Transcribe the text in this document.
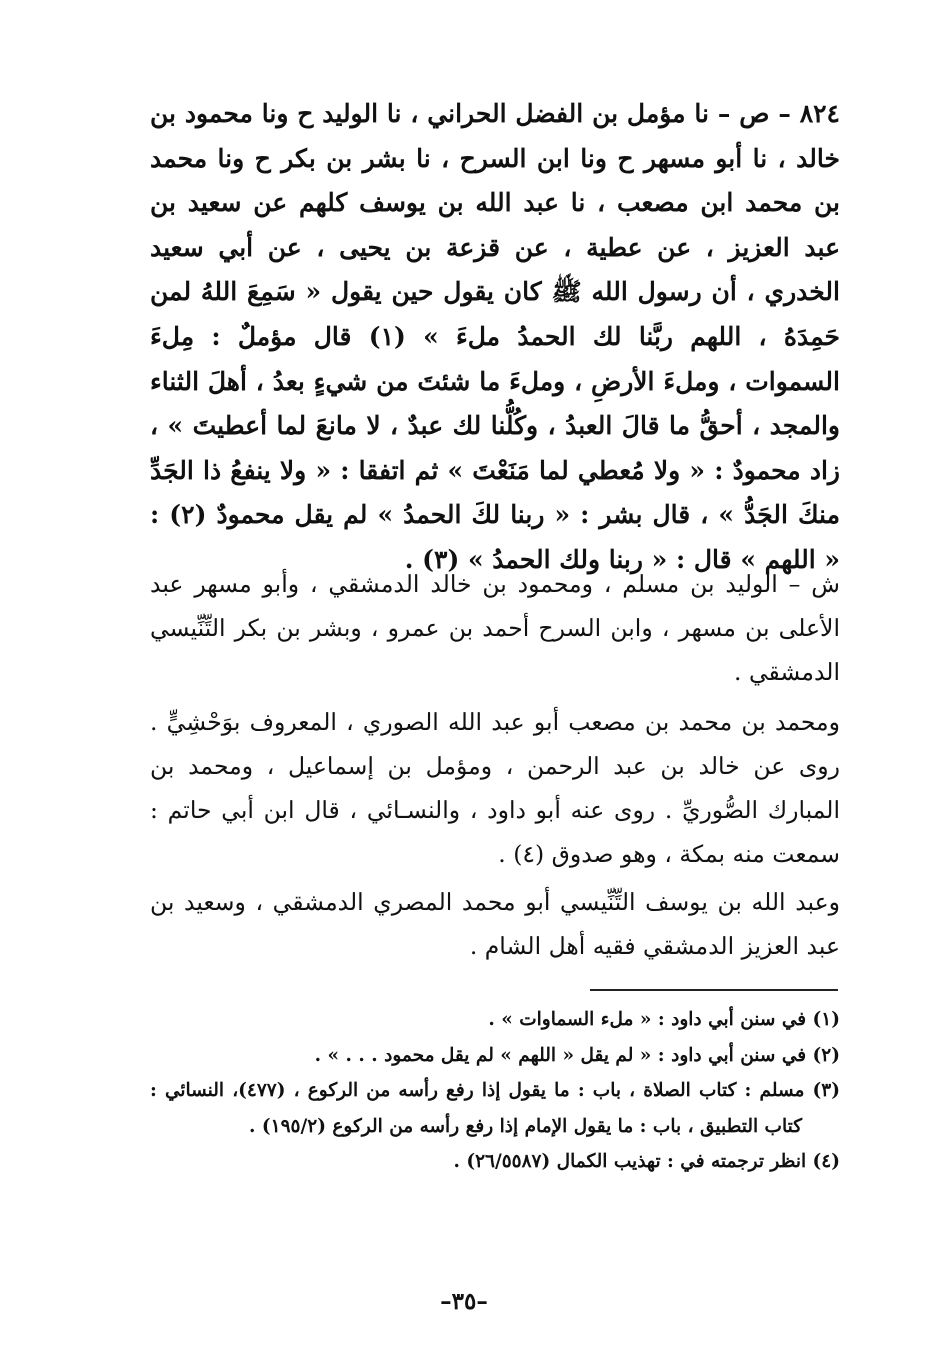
٨٢٤ – ص – نا مؤمل بن الفضل الحراني ، نا الوليد ح ونا محمود بن خالد ، نا أبو مسهر ح ونا ابن السرح ، نا بشر بن بكر ح ونا محمد بن محمد ابن مصعب ، نا عبد الله بن يوسف كلهم عن سعيد بن عبد العزيز ، عن عطية ، عن قزعة بن يحيى ، عن أبي سعيد الخدري ، أن رسول الله ﷺ كان يقول حين يقول « سَمِعَ اللهُ لمن حَمِدَهُ ، اللهم ربَّنا لك الحمدُ ملءَ » (١) قال مؤملٌ : مِلءَ السموات ، وملءَ الأرضِ ، وملءَ ما شئتَ من شيءٍ بعدُ ، أهلَ الثناء والمجد ، أحقُّ ما قالَ العبدُ ، وكُلُّنا لك عبدٌ ، لا مانعَ لما أعطيتَ » ، زاد محمودٌ : « ولا مُعطي لما مَنَعْتَ » ثم اتفقا : « ولا ينفعُ ذا الجَدِّ منكَ الجَدُّ » ، قال بشر : « ربنا لكَ الحمدُ » لم يقل محمودٌ (٢) : « اللهم » قال : « ربنا ولك الحمدُ » (٣) .
ش – الوليد بن مسلم ، ومحمود بن خالد الدمشقي ، وأبو مسهر عبد الأعلى بن مسهر ، وابن السرح أحمد بن عمرو ، وبشر بن بكر التِّنِّيسي الدمشقي .
ومحمد بن محمد بن مصعب أبو عبد الله الصوري ، المعروف بوَحْشِيٍّ . روى عن خالد بن عبد الرحمن ، ومؤمل بن إسماعيل ، ومحمد بن المبارك الصُّوريِّ . روى عنه أبو داود ، والنسـائي ، قال ابن أبي حاتم : سمعت منه بمكة ، وهو صدوق (٤) .
وعبد الله بن يوسف التِّنِّيسي أبو محمد المصري الدمشقي ، وسعيد بن عبد العزيز الدمشقي فقيه أهل الشام .
(١) في سنن أبي داود : « ملء السماوات » .
(٢) في سنن أبي داود : « لم يقل « اللهم » لم يقل محمود . . . » .
(٣) مسلم : كتاب الصلاة ، باب : ما يقول إذا رفع رأسه من الركوع ، (٤٧٧)، النسائي : كتاب التطبيق ، باب : ما يقول الإمام إذا رفع رأسه من الركوع (١٩٥/٢) .
(٤) انظر ترجمته في : تهذيب الكمال (٢٦/٥٥٨٧) .
–٣٥–
